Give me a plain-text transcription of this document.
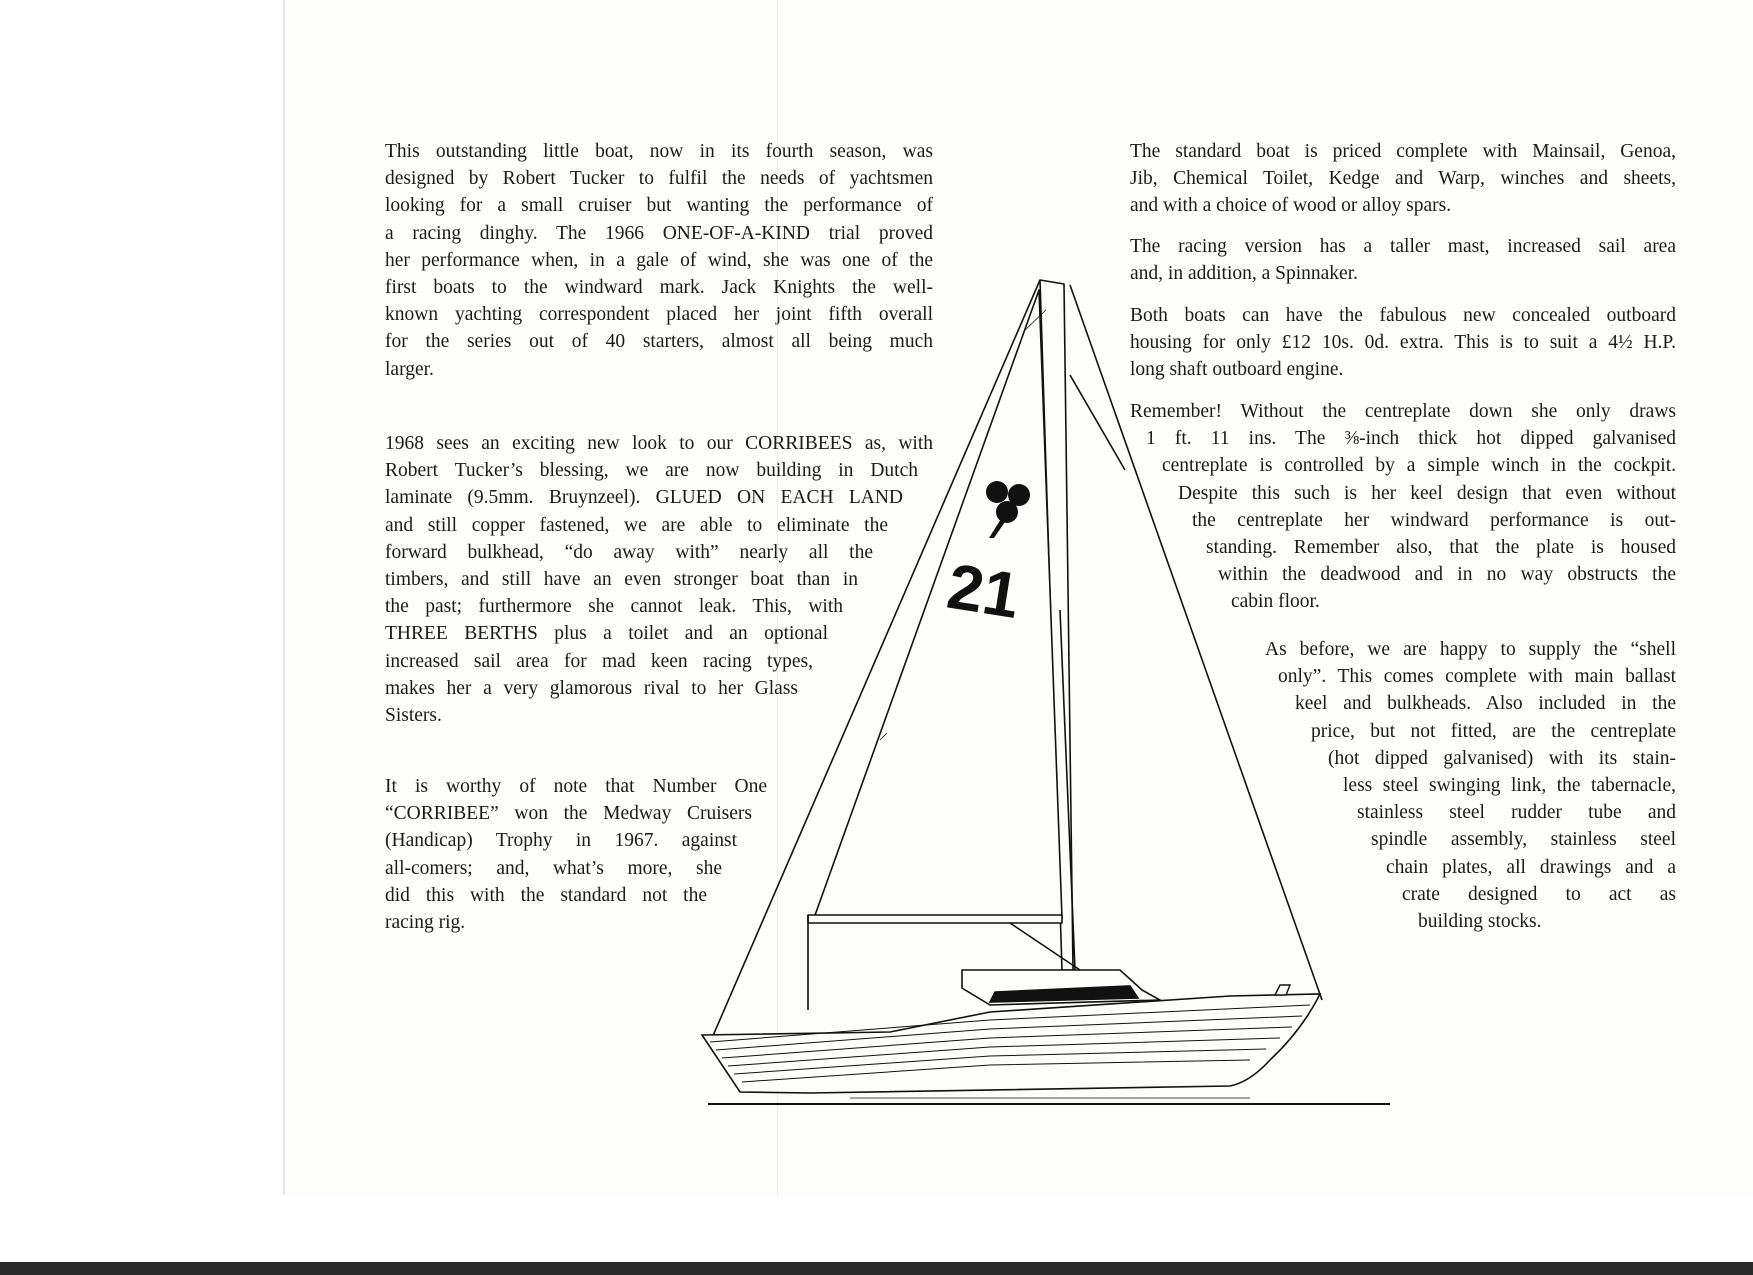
This outstanding little boat, now in its fourth season, was
designed by Robert Tucker to fulfil the needs of yachtsmen
looking for a small cruiser but wanting the performance of
a racing dinghy. The 1966 ONE-OF-A-KIND trial proved
her performance when, in a gale of wind, she was one of the
first boats to the windward mark. Jack Knights the well-
known yachting correspondent placed her joint fifth overall
for the series out of 40 starters, almost all being much
larger.
1968 sees an exciting new look to our CORRIBEES as, with
Robert Tucker’s blessing, we are now building in Dutch
laminate (9.5mm. Bruynzeel). GLUED ON EACH LAND
and still copper fastened, we are able to eliminate the
forward bulkhead, “do away with” nearly all the
timbers, and still have an even stronger boat than in
the past; furthermore she cannot leak. This, with
THREE BERTHS plus a toilet and an optional
increased sail area for mad keen racing types,
makes her a very glamorous rival to her Glass
Sisters.
It is worthy of note that Number One
“CORRIBEE” won the Medway Cruisers
(Handicap) Trophy in 1967. against
all-comers; and, what’s more, she
did this with the standard not the
racing rig.
The standard boat is priced complete with Mainsail, Genoa,
Jib, Chemical Toilet, Kedge and Warp, winches and sheets,
and with a choice of wood or alloy spars.
The racing version has a taller mast, increased sail area
and, in addition, a Spinnaker.
Both boats can have the fabulous new concealed outboard
housing for only £12 10s. 0d. extra. This is to suit a 4½ H.P.
long shaft outboard engine.
Remember! Without the centreplate down she only draws
1 ft. 11 ins. The ⅜-inch thick hot dipped galvanised
centreplate is controlled by a simple winch in the cockpit.
Despite this such is her keel design that even without
the centreplate her windward performance is out-
standing. Remember also, that the plate is housed
within the deadwood and in no way obstructs the
cabin floor.
As before, we are happy to supply the “shell
only”. This comes complete with main ballast
keel and bulkheads. Also included in the
price, but not fitted, are the centreplate
(hot dipped galvanised) with its stain-
less steel swinging link, the tabernacle,
stainless steel rudder tube and
spindle assembly, stainless steel
chain plates, all drawings and a
crate designed to act as
building stocks.
21
